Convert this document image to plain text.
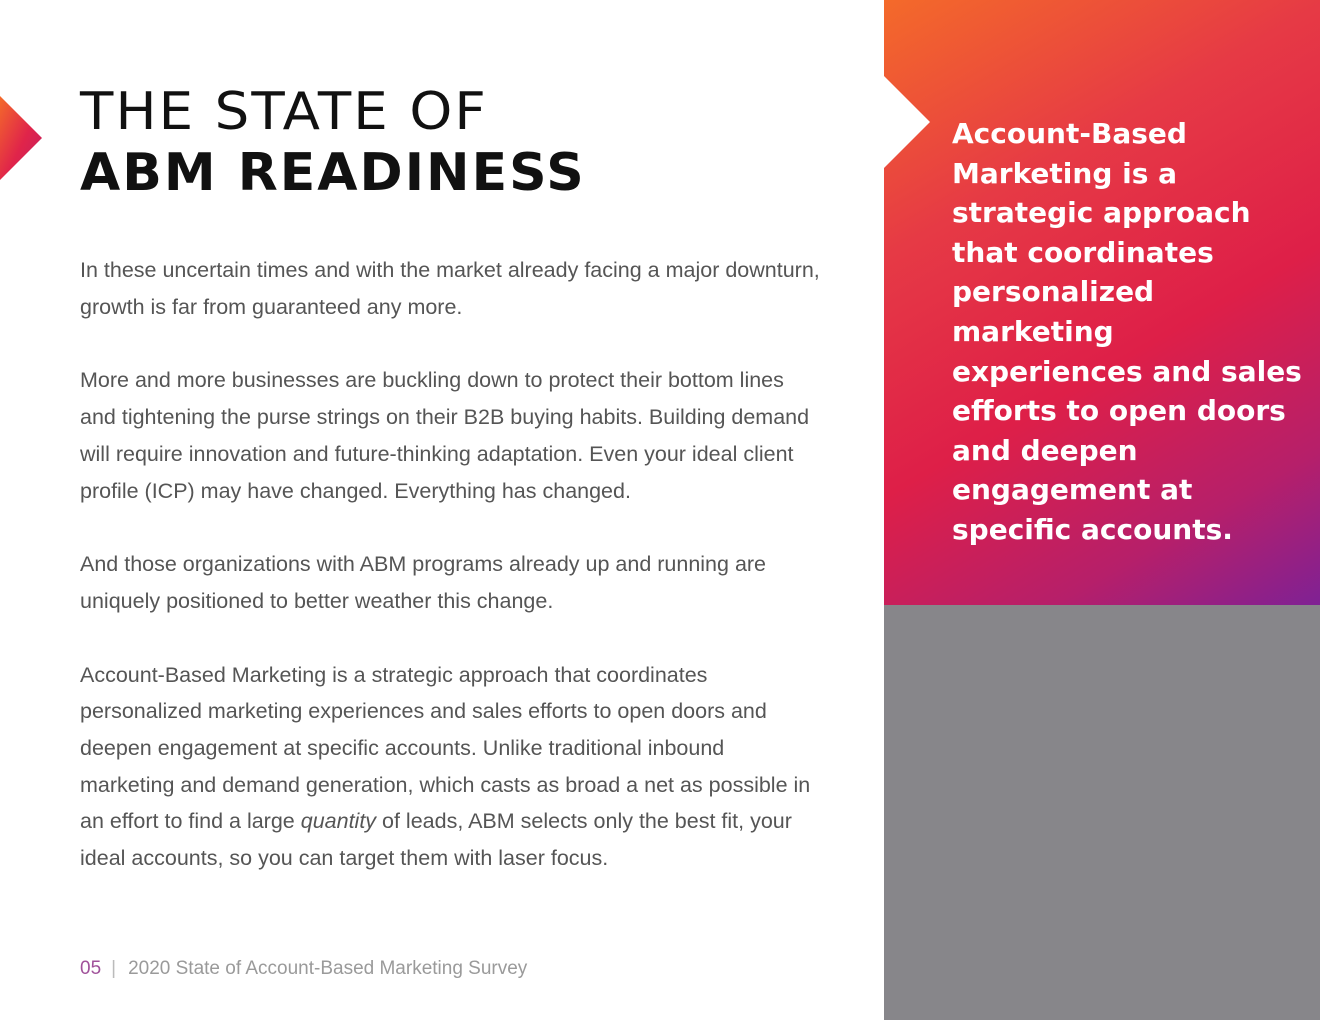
THE STATE OF
ABM READINESS

In these uncertain times and with the market already facing a major downturn, growth is far from guaranteed any more.

More and more businesses are buckling down to protect their bottom lines and tightening the purse strings on their B2B buying habits. Building demand will require innovation and future-thinking adaptation. Even your ideal client profile (ICP) may have changed. Everything has changed.

And those organizations with ABM programs already up and running are uniquely positioned to better weather this change.

Account-Based Marketing is a strategic approach that coordinates personalized marketing experiences and sales efforts to open doors and deepen engagement at specific accounts. Unlike traditional inbound marketing and demand generation, which casts as broad a net as possible in an effort to find a large quantity of leads, ABM selects only the best fit, your ideal accounts, so you can target them with laser focus.

05 | 2020 State of Account-Based Marketing Survey

Account-Based Marketing is a strategic approach that coordinates personalized marketing experiences and sales efforts to open doors and deepen engagement at specific accounts.
